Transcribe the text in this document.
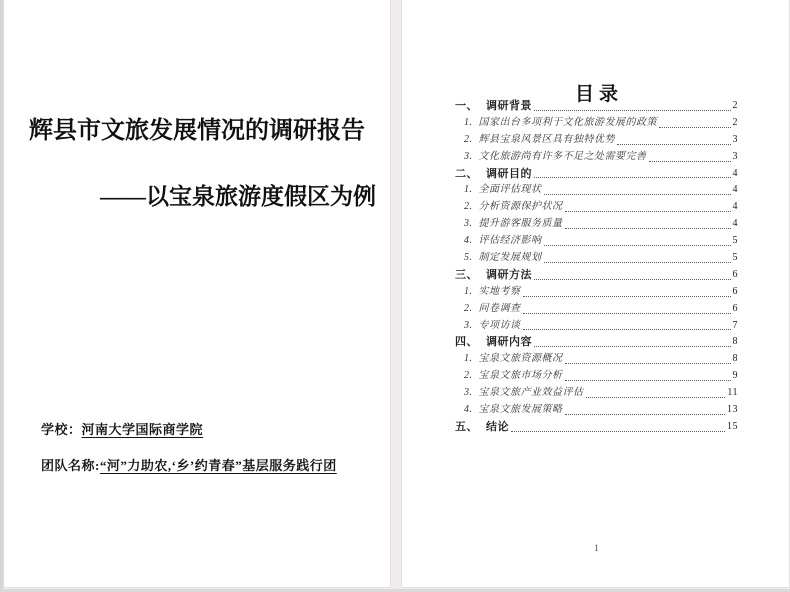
辉县市文旅发展情况的调研报告
——以宝泉旅游度假区为例
学校：河南大学国际商学院
团队名称:“河”力助农,‘乡’约青春”基层服务践行团
目录
一、 调研背景	2
1. 国家出台多项利于文化旅游发展的政策	2
2. 辉县宝泉风景区具有独特优势	3
3. 文化旅游尚有许多不足之处需要完善	3
二、 调研目的	4
1. 全面评估现状	4
2. 分析资源保护状况	4
3. 提升游客服务质量	4
4. 评估经济影响	5
5. 制定发展规划	5
三、 调研方法	6
1. 实地考察	6
2. 问卷调查	6
3. 专项访谈	7
四、 调研内容	8
1. 宝泉文旅资源概况	8
2. 宝泉文旅市场分析	9
3. 宝泉文旅产业效益评估	11
4. 宝泉文旅发展策略	13
五、 结论	15
1
